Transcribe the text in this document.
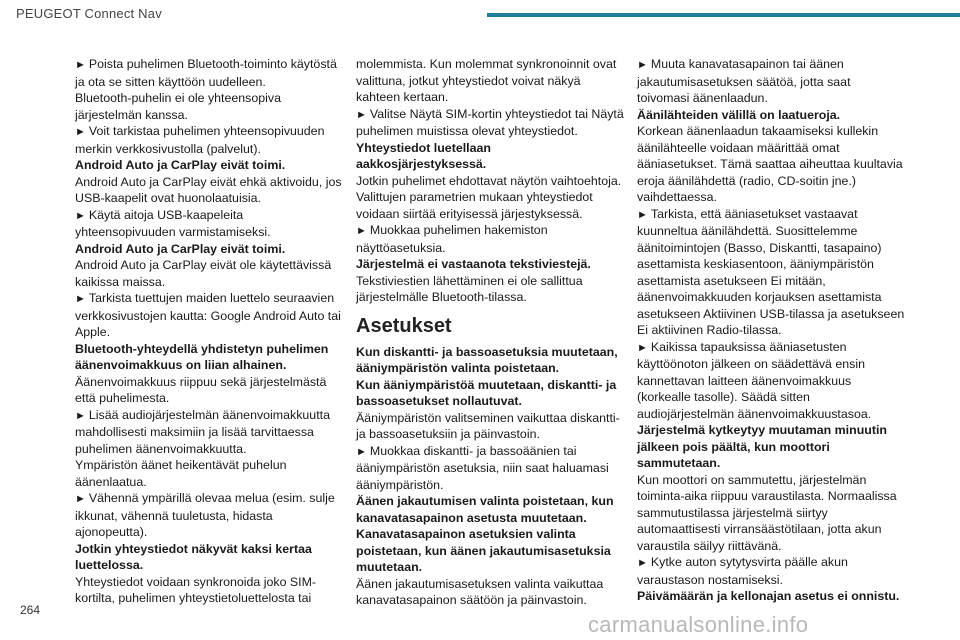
PEUGEOT Connect Nav

► Poista puhelimen Bluetooth-toiminto käytöstä ja ota se sitten käyttöön uudelleen.

Bluetooth-puhelin ei ole yhteensopiva järjestelmän kanssa.

► Voit tarkistaa puhelimen yhteensopivuuden merkin verkkosivustolla (palvelut).

Android Auto ja CarPlay eivät toimi.

Android Auto ja CarPlay eivät ehkä aktivoidu, jos USB-kaapelit ovat huonolaatuisia.

► Käytä aitoja USB-kaapeleita yhteensopivuuden varmistamiseksi.

Android Auto ja CarPlay eivät toimi.

Android Auto ja CarPlay eivät ole käytettävissä kaikissa maissa.

► Tarkista tuettujen maiden luettelo seuraavien verkkosivustojen kautta: Google Android Auto tai Apple.

Bluetooth-yhteydellä yhdistetyn puhelimen äänenvoimakkuus on liian alhainen.

Äänenvoimakkuus riippuu sekä järjestelmästä että puhelimesta.

► Lisää audiojärjestelmän äänenvoimakkuutta mahdollisesti maksimiin ja lisää tarvittaessa puhelimen äänenvoimakkuutta.

Ympäristön äänet heikentävät puhelun äänenlaatua.

► Vähennä ympärillä olevaa melua (esim. sulje ikkunat, vähennä tuuletusta, hidasta ajonopeutta).

Jotkin yhteystiedot näkyvät kaksi kertaa luettelossa.

Yhteystiedot voidaan synkronoida joko SIM-kortilta, puhelimen yhteystietoluettelosta tai

molemmista. Kun molemmat synkronoinnit ovat valittuna, jotkut yhteystiedot voivat näkyä kahteen kertaan.

► Valitse Näytä SIM-kortin yhteystiedot tai Näytä puhelimen muistissa olevat yhteystiedot.

Yhteystiedot luetellaan aakkosjärjestyksessä.

Jotkin puhelimet ehdottavat näytön vaihtoehtoja. Valittujen parametrien mukaan yhteystiedot voidaan siirtää erityisessä järjestyksessä.

► Muokkaa puhelimen hakemiston näyttöasetuksia.

Järjestelmä ei vastaanota tekstiviestejä.

Tekstiviestien lähettäminen ei ole sallittua järjestelmälle Bluetooth-tilassa.

Asetukset

Kun diskantti- ja bassoasetuksia muutetaan, ääniympäristön valinta poistetaan.

Kun ääniympäristöä muutetaan, diskantti- ja bassoasetukset nollautuvat.

Ääniympäristön valitseminen vaikuttaa diskantti- ja bassoasetuksiin ja päinvastoin.

► Muokkaa diskantti- ja bassoäänien tai ääniympäristön asetuksia, niin saat haluamasi ääniympäristön.

Äänen jakautumisen valinta poistetaan, kun kanavatasapainon asetusta muutetaan.

Kanavatasapainon asetuksien valinta poistetaan, kun äänen jakautumisasetuksia muutetaan.

Äänen jakautumisasetuksen valinta vaikuttaa kanavatasapainon säätöön ja päinvastoin.

► Muuta kanavatasapainon tai äänen jakautumisasetuksen säätöä, jotta saat toivomasi äänenlaadun.

Äänilähteiden välillä on laatueroja.

Korkean äänenlaadun takaamiseksi kullekin äänilähteelle voidaan määrittää omat ääniasetukset. Tämä saattaa aiheuttaa kuultavia eroja äänilähdettä (radio, CD-soitin jne.) vaihdettaessa.

► Tarkista, että ääniasetukset vastaavat kuunneltua äänilähdettä. Suosittelemme äänitoimintojen (Basso, Diskantti, tasapaino) asettamista keskiasentoon, ääniympäristön asettamista asetukseen Ei mitään, äänenvoimakkuuden korjauksen asettamista asetukseen Aktiivinen USB-tilassa ja asetukseen Ei aktiivinen Radio-tilassa.

► Kaikissa tapauksissa ääniasetusten käyttöönoton jälkeen on säädettävä ensin kannettavan laitteen äänenvoimakkuus (korkealle tasolle). Säädä sitten audiojärjestelmän äänenvoimakkuustasoa.

Järjestelmä kytkeytyy muutaman minuutin jälkeen pois päältä, kun moottori sammutetaan.

Kun moottori on sammutettu, järjestelmän toiminta-aika riippuu varaustilasta. Normaalissa sammutustilassa järjestelmä siirtyy automaattisesti virransäästötilaan, jotta akun varaustila säilyy riittävänä.

► Kytke auton sytytysvirta päälle akun varaustason nostamiseksi.

Päivämäärän ja kellonajan asetus ei onnistu.

264
carmanualsonline.info
